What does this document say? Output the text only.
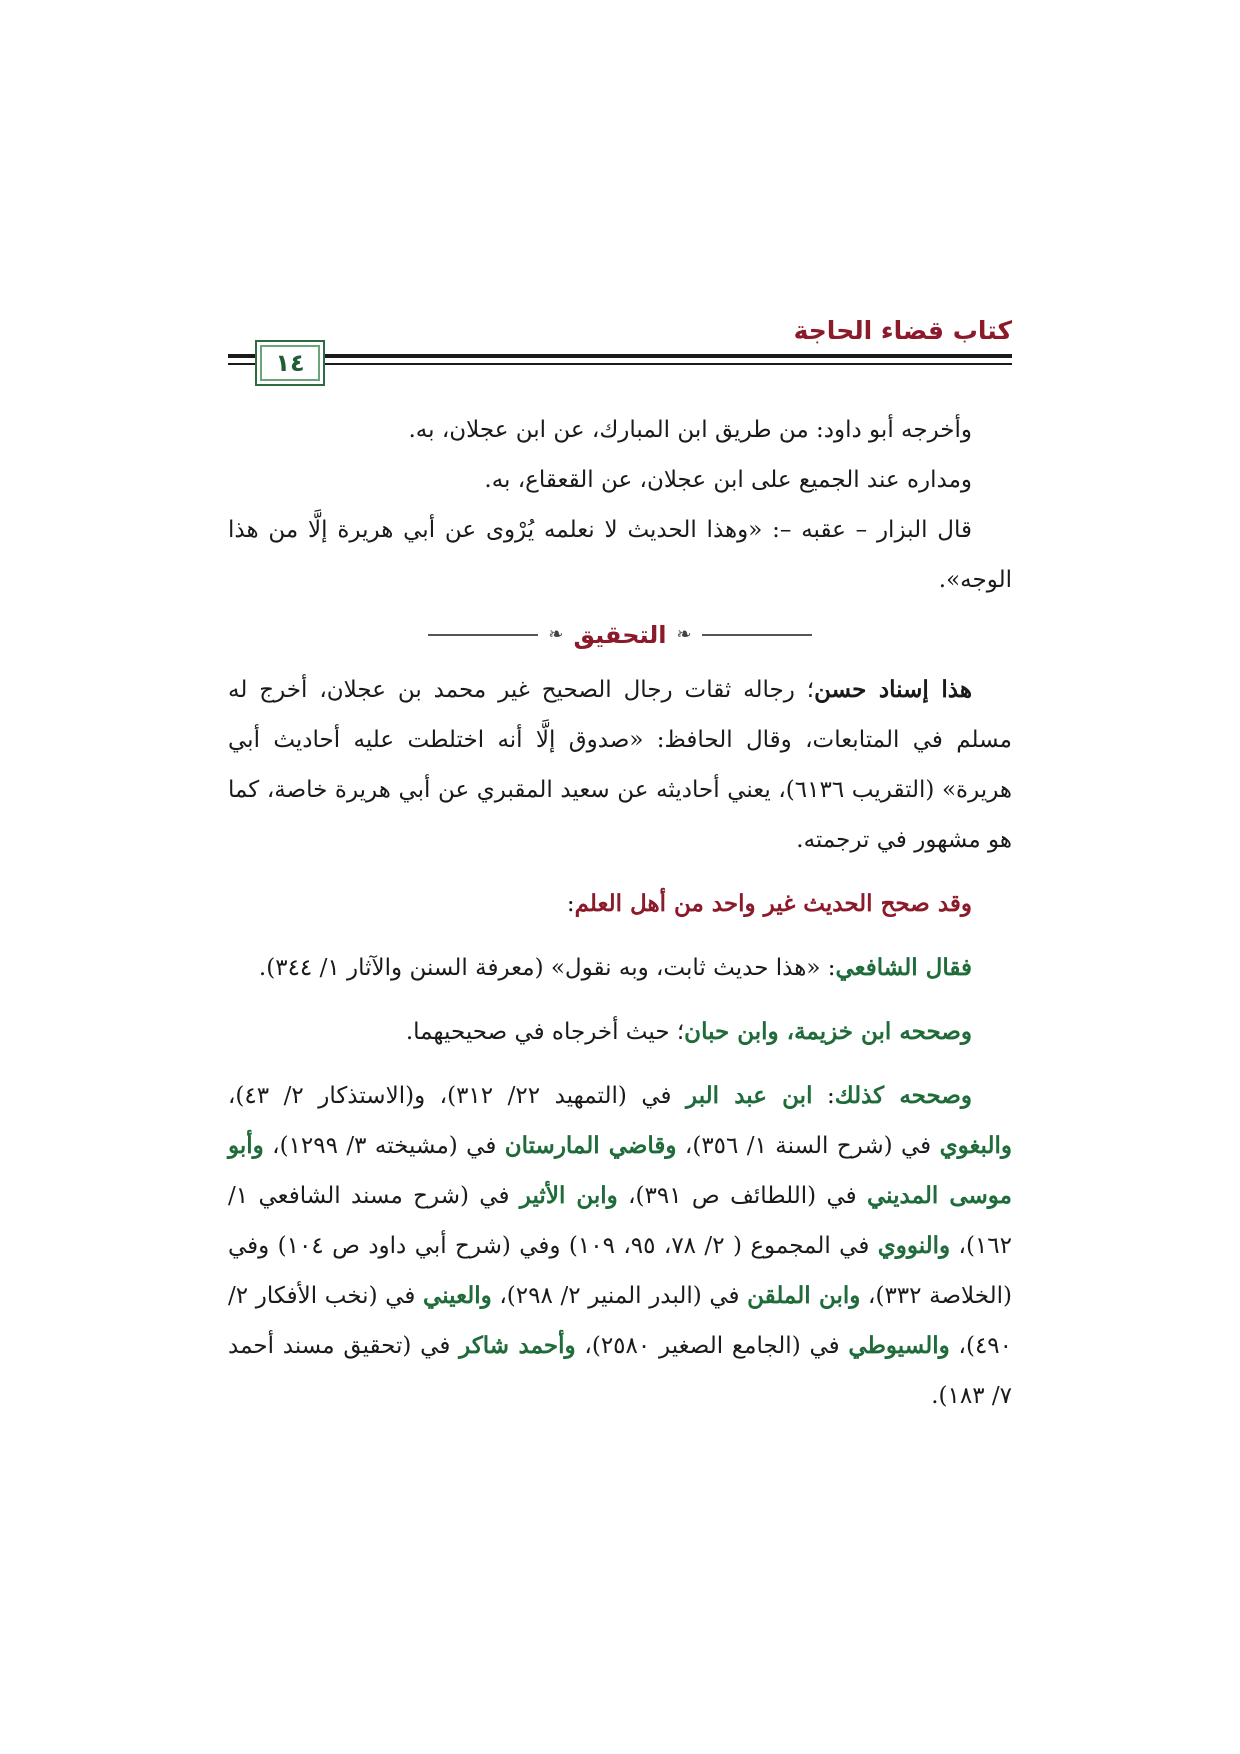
كتاب قضاء الحاجة
١٤

وأخرجه أبو داود: من طريق ابن المبارك، عن ابن عجلان، به.

ومداره عند الجميع على ابن عجلان، عن القعقاع، به.

قال البزار – عقبه –: «وهذا الحديث لا نعلمه يُرْوى عن أبي هريرة إلَّا من هذا الوجه».

❧
التحقيق
❧

هذا إسناد حسن؛ رجاله ثقات رجال الصحيح غير محمد بن عجلان، أخرج له مسلم في المتابعات، وقال الحافظ: «صدوق إلَّا أنه اختلطت عليه أحاديث أبي هريرة» (التقريب ٦١٣٦)، يعني أحاديثه عن سعيد المقبري عن أبي هريرة خاصة، كما هو مشهور في ترجمته.

وقد صحح الحديث غير واحد من أهل العلم:

فقال الشافعي: «هذا حديث ثابت، وبه نقول» (معرفة السنن والآثار ١/ ٣٤٤).

وصححه ابن خزيمة، وابن حبان؛ حيث أخرجاه في صحيحيهما.

وصححه كذلك: ابن عبد البر في (التمهيد ٢٢/ ٣١٢)، و(الاستذكار ٢/ ٤٣)، والبغوي في (شرح السنة ١/ ٣٥٦)، وقاضي المارستان في (مشيخته ٣/ ١٢٩٩)، وأبو موسى المديني في (اللطائف ص ٣٩١)، وابن الأثير في (شرح مسند الشافعي ١/ ١٦٢)، والنووي في المجموع ( ٢/ ٧٨، ٩٥، ١٠٩) وفي (شرح أبي داود ص ١٠٤) وفي (الخلاصة ٣٣٢)، وابن الملقن في (البدر المنير ٢/ ٢٩٨)، والعيني في (نخب الأفكار ٢/ ٤٩٠)، والسيوطي في (الجامع الصغير ٢٥٨٠)، وأحمد شاكر في (تحقيق مسند أحمد ٧/ ١٨٣).
